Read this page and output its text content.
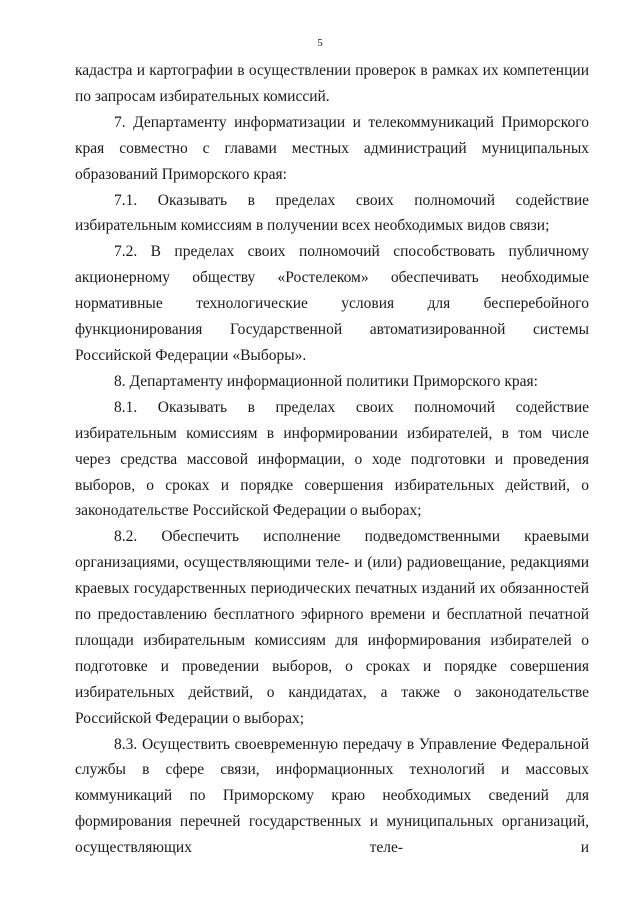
5

кадастра и картографии в осуществлении проверок в рамках их компетенции по запросам избирательных комиссий.

7. Департаменту информатизации и телекоммуникаций Приморского края совместно с главами местных администраций муниципальных образований Приморского края:

7.1. Оказывать в пределах своих полномочий содействие избирательным комиссиям в получении всех необходимых видов связи;

7.2. В пределах своих полномочий способствовать публичному акционерному обществу «Ростелеком» обеспечивать необходимые нормативные технологические условия для бесперебойного функционирования Государственной автоматизированной системы Российской Федерации «Выборы».

8. Департаменту информационной политики Приморского края:

8.1. Оказывать в пределах своих полномочий содействие избирательным комиссиям в информировании избирателей, в том числе через средства массовой информации, о ходе подготовки и проведения выборов, о сроках и порядке совершения избирательных действий, о законодательстве Российской Федерации о выборах;

8.2. Обеспечить исполнение подведомственными краевыми организациями, осуществляющими теле- и (или) радиовещание, редакциями краевых государственных периодических печатных изданий их обязанностей по предоставлению бесплатного эфирного времени и бесплатной печатной площади избирательным комиссиям для информирования избирателей о подготовке и проведении выборов, о сроках и порядке совершения избирательных действий, о кандидатах, а также о законодательстве Российской Федерации о выборах;

8.3. Осуществить своевременную передачу в Управление Федеральной службы в сфере связи, информационных технологий и массовых коммуникаций по Приморскому краю необходимых сведений для формирования перечней государственных и муниципальных организаций, осуществляющих теле- и
